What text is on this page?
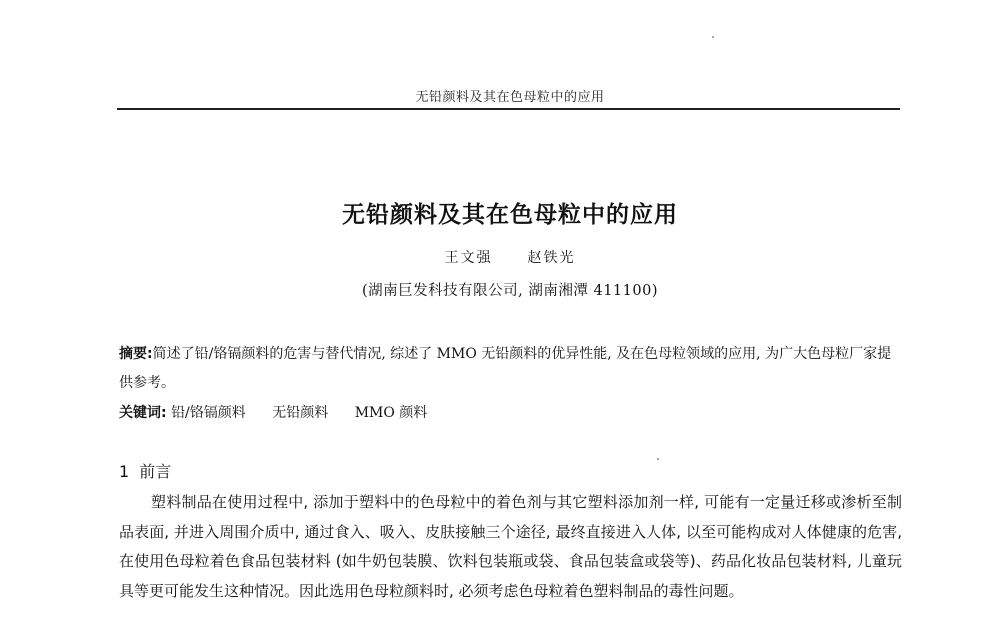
无铅颜料及其在色母粒中的应用
无铅颜料及其在色母粒中的应用
王文强 赵铁光
(湖南巨发科技有限公司, 湖南湘潭 411100)

摘要:简述了铅/铬镉颜料的危害与替代情况, 综述了 MMO 无铅颜料的优异性能, 及在色母粒领域的应用, 为广大色母粒厂家提供参考。

关键词: 铅/铬镉颜料 无铅颜料 MMO 颜料
1 前言

塑料制品在使用过程中, 添加于塑料中的色母粒中的着色剂与其它塑料添加剂一样, 可能有一定量迁移或渗析至制品表面, 并进入周围介质中, 通过食入、吸入、皮肤接触三个途径, 最终直接进入人体, 以至可能构成对人体健康的危害, 在使用色母粒着色食品包装材料 (如牛奶包装膜、饮料包装瓶或袋、食品包装盒或袋等)、药品化妆品包装材料, 儿童玩具等更可能发生这种情况。因此选用色母粒颜料时, 必须考虑色母粒着色塑料制品的毒性问题。
